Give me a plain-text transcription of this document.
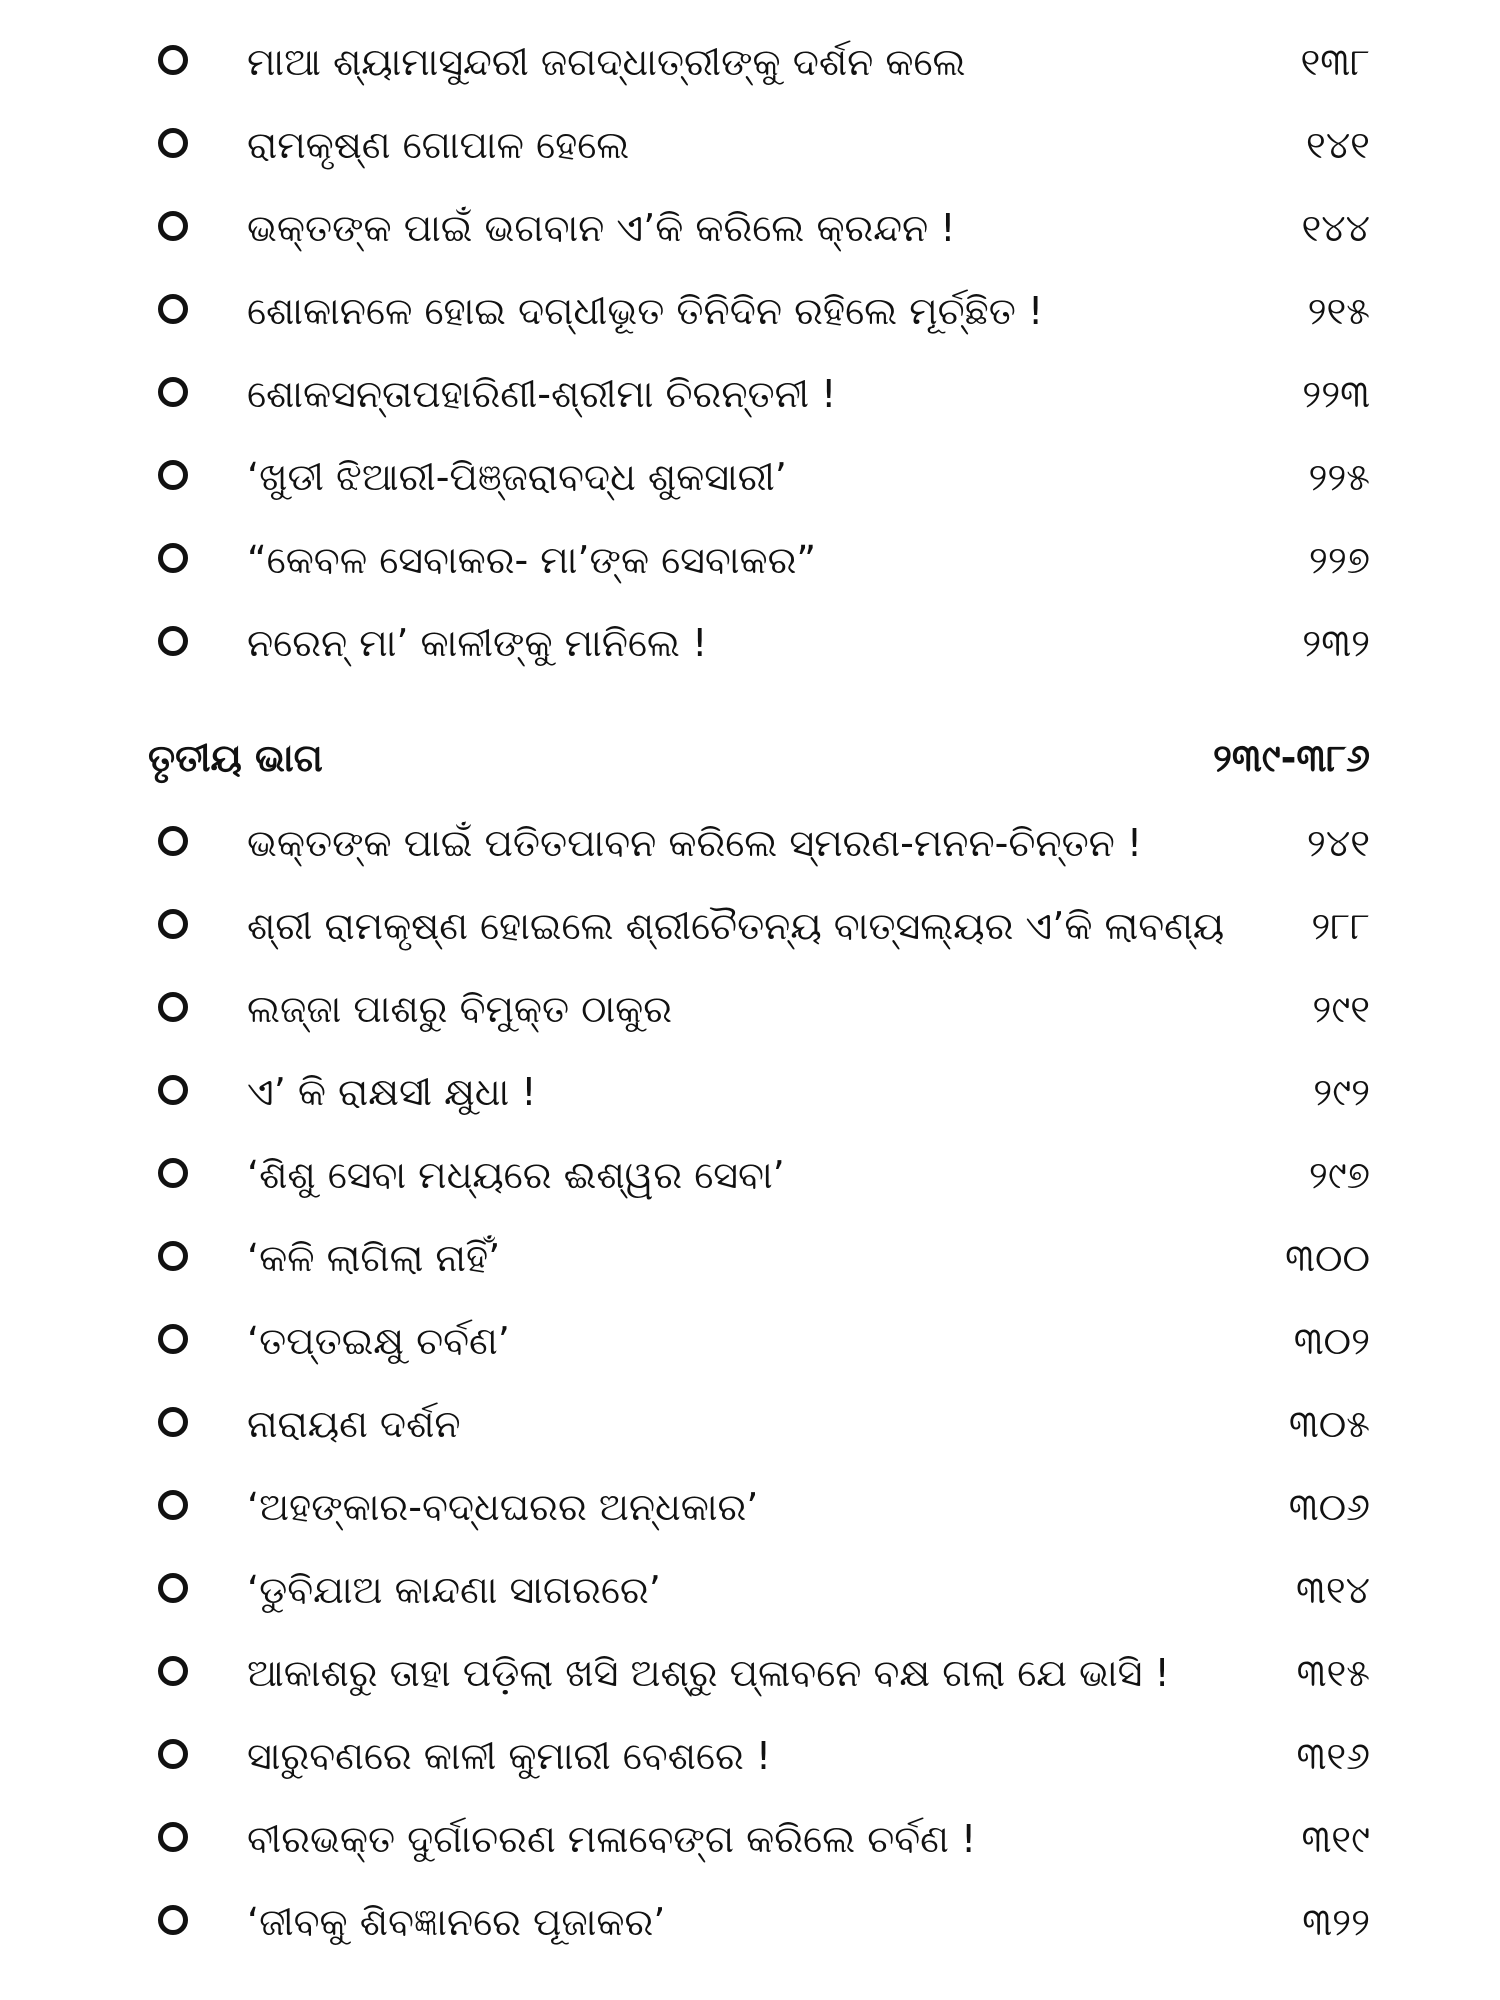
ମାଆ ଶ୍ୟାମାସୁନ୍ଦରୀ ଜଗଦ୍ଧାତ୍ରୀଙ୍କୁ ଦର୍ଶନ କଲେ	୧୩୮
ରାମକୃଷ୍ଣ ଗୋପାଳ ହେଲେ	୧୪୧
ଭକ୍ତଙ୍କ ପାଇଁ ଭଗବାନ ଏ’କି କରିଲେ କ୍ରନ୍ଦନ !	୧୪୪
ଶୋକାନଳେ ହୋଇ ଦଗ୍ଧୀଭୂତ ତିନିଦିନ ରହିଲେ ମୂର୍ଚ୍ଛିତ !	୨୧୫
ଶୋକସନ୍ତାପହାରିଣୀ-ଶ୍ରୀମା ଚିରନ୍ତନୀ !	୨୨୩
‘ଖୁଡୀ ଝିଆରୀ-ପିଞ୍ଜରାବଦ୍ଧ ଶୁକସାରୀ’	୨୨୫
“କେବଳ ସେବାକର- ମା’ଙ୍କ ସେବାକର”	୨୨୭
ନରେନ୍ ମା’ କାଳୀଙ୍କୁ ମାନିଲେ !	୨୩୨
ତୃତୀୟ ଭାଗ	୨୩୯-୩୮୬
ଭକ୍ତଙ୍କ ପାଇଁ ପତିତପାବନ କରିଲେ ସ୍ମରଣ-ମନନ-ଚିନ୍ତନ !	୨୪୧
ଶ୍ରୀ ରାମକୃଷ୍ଣ ହୋଇଲେ ଶ୍ରୀଚୈତନ୍ୟ ବାତ୍ସଲ୍ୟର ଏ’କି ଲାବଣ୍ୟ ୨୮୮
ଲଜ୍ଜା ପାଶରୁ ବିମୁକ୍ତ ଠାକୁର	୨୯୧
ଏ’ କି ରାକ୍ଷସୀ କ୍ଷୁଧା !	୨୯୨
‘ଶିଶୁ ସେବା ମଧ୍ୟରେ ଈଶ୍ୱର ସେବା’	୨୯୭
‘କଳି ଲାଗିଲା ନାହିଁ’	୩୦୦
‘ତପ୍ତଇକ୍ଷୁ ଚର୍ବଣ’	୩୦୨
ନାରାୟଣ ଦର୍ଶନ	୩୦୫
‘ଅହଙ୍କାର-ବଦ୍ଧଘରର ଅନ୍ଧକାର’	୩୦୬
‘ଡୁବିଯାଅ କାନ୍ଦଣା ସାଗରରେ’	୩୧୪
ଆକାଶରୁ ତାହା ପଡ଼ିଲା ଖସି ଅଶ୍ରୁ ପ୍ଳାବନେ ବକ୍ଷ ଗଲା ଯେ ଭାସି !	୩୧୫
ସାରୁବଣରେ କାଳୀ କୁମାରୀ ବେଶରେ !	୩୧୬
ବୀରଭକ୍ତ ଦୁର୍ଗାଚରଣ ମଳାବେଙ୍ଗ କରିଲେ ଚର୍ବଣ !	୩୧୯
‘ଜୀବକୁ ଶିବଜ୍ଞାନରେ ପୂଜାକର’	୩୨୨
